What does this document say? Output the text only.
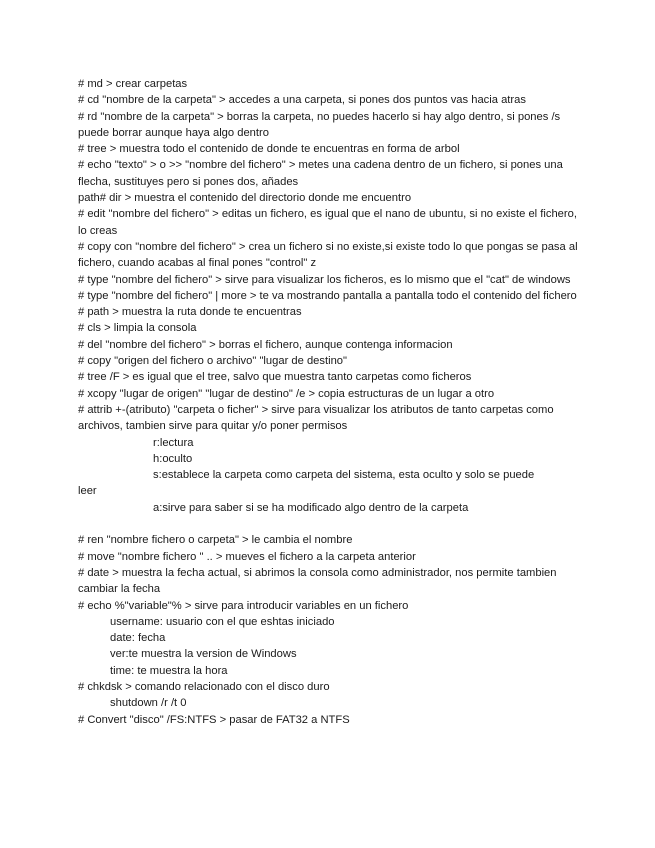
# md > crear carpetas
# cd "nombre de la carpeta" > accedes a una carpeta, si pones dos puntos vas hacia atras
# rd "nombre de la carpeta" > borras la carpeta, no puedes hacerlo si hay algo dentro, si pones /s puede borrar aunque haya algo dentro
# tree > muestra todo el contenido de donde te encuentras en forma de arbol
# echo "texto" > o >> "nombre del fichero" > metes una cadena dentro de un fichero, si pones una flecha, sustituyes pero si pones dos, añades
path# dir > muestra el contenido del directorio donde me encuentro
# edit "nombre del fichero" > editas un fichero, es igual que el nano de ubuntu, si no existe el fichero, lo creas
# copy con "nombre del fichero" > crea un fichero si no existe,si existe todo lo que pongas se pasa al fichero, cuando acabas al final pones "control" z
# type "nombre del fichero" > sirve para visualizar los ficheros, es lo mismo que el "cat" de windows
# type "nombre del fichero" | more > te va mostrando pantalla a pantalla todo el contenido del fichero
# path > muestra la ruta donde te encuentras
# cls > limpia la consola
# del "nombre del fichero" > borras el fichero, aunque contenga informacion
# copy "origen del fichero o archivo" "lugar de destino"
# tree /F > es igual que el tree, salvo que muestra tanto carpetas como ficheros
# xcopy "lugar de origen" "lugar de destino" /e > copia estructuras de un lugar a otro
# attrib +-(atributo) "carpeta o ficher" > sirve para visualizar los atributos de tanto carpetas como archivos, tambien sirve para quitar y/o poner permisos
r:lectura
h:oculto
s:establece la carpeta como carpeta del sistema, esta oculto y solo se puede
leer
a:sirve para saber si se ha modificado algo dentro de la carpeta
# ren "nombre fichero o carpeta" > le cambia el nombre
# move "nombre fichero " .. > mueves el fichero a la carpeta anterior
# date > muestra la fecha actual, si abrimos la consola como administrador, nos permite tambien cambiar la fecha
# echo %"variable"% > sirve para introducir variables en un fichero
username: usuario con el que eshtas iniciado
date: fecha
ver:te muestra la version de Windows
time: te muestra la hora
# chkdsk > comando relacionado con el disco duro
shutdown /r /t 0
# Convert "disco" /FS:NTFS > pasar de FAT32 a NTFS
